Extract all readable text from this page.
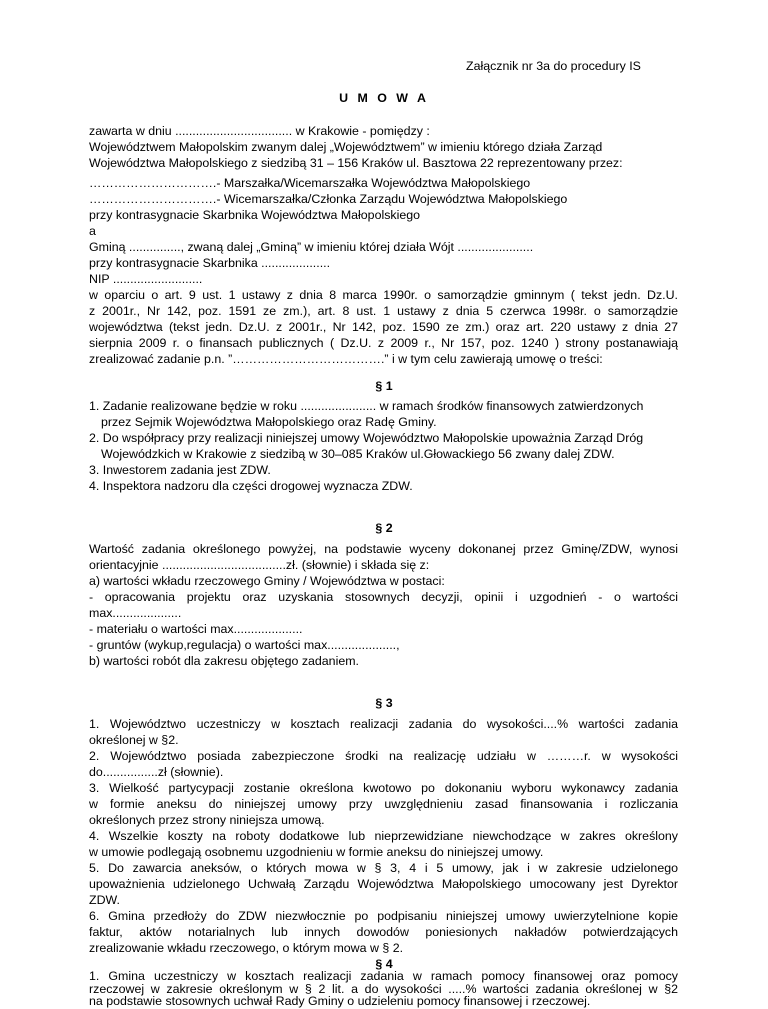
Załącznik nr 3a do procedury IS
U M O W A
zawarta w dniu .................................. w Krakowie - pomiędzy :
Województwem Małopolskim zwanym dalej „Województwem” w imieniu którego działa Zarząd
Województwa Małopolskiego z siedzibą 31 – 156 Kraków ul. Basztowa 22 reprezentowany przez:
………………………….- Marszałka/Wicemarszałka Województwa Małopolskiego
………………………….- Wicemarszałka/Członka Zarządu Województwa Małopolskiego
przy kontrasygnacie Skarbnika Województwa Małopolskiego
a
Gminą ..............., zwaną dalej „Gminą” w imieniu której działa Wójt ......................
przy kontrasygnacie Skarbnika ....................
NIP ..........................
w oparciu o art. 9 ust. 1 ustawy z dnia 8 marca 1990r. o samorządzie gminnym ( tekst jedn. Dz.U.
z 2001r., Nr 142, poz. 1591 ze zm.), art. 8 ust. 1 ustawy z dnia 5 czerwca 1998r. o samorządzie
województwa (tekst jedn. Dz.U. z 2001r., Nr 142, poz. 1590 ze zm.) oraz art. 220 ustawy z dnia 27
sierpnia 2009 r. o finansach publicznych ( Dz.U. z 2009 r., Nr 157, poz. 1240 ) strony postanawiają
zrealizować zadanie p.n. ”……………………………….” i w tym celu zawierają umowę o treści:
§ 1
1. Zadanie realizowane będzie w roku ...................... w ramach środków finansowych zatwierdzonych
przez Sejmik Województwa Małopolskiego oraz Radę Gminy.
2. Do współpracy przy realizacji niniejszej umowy Województwo Małopolskie upoważnia Zarząd Dróg
Wojewódzkich w Krakowie z siedzibą w 30–085 Kraków ul.Głowackiego 56 zwany dalej ZDW.
3. Inwestorem zadania jest ZDW.
4. Inspektora nadzoru dla części drogowej wyznacza ZDW.
§ 2
Wartość zadania określonego powyżej, na podstawie wyceny dokonanej przez Gminę/ZDW, wynosi
orientacyjnie ....................................zł. (słownie) i składa się z:
a) wartości wkładu rzeczowego Gminy / Województwa w postaci:
- opracowania projektu oraz uzyskania stosownych decyzji, opinii i uzgodnień - o wartości
max....................
- materiału o wartości max....................
- gruntów (wykup,regulacja) o wartości max....................,
b) wartości robót dla zakresu objętego zadaniem.
§ 3
1. Województwo uczestniczy w kosztach realizacji zadania do wysokości....% wartości zadania
określonej w §2.
2. Województwo posiada zabezpieczone środki na realizację udziału w ………r. w wysokości
do................zł (słownie).
3. Wielkość partycypacji zostanie określona kwotowo po dokonaniu wyboru wykonawcy zadania
w formie aneksu do niniejszej umowy przy uwzględnieniu zasad finansowania i rozliczania
określonych przez strony niniejsza umową.
4. Wszelkie koszty na roboty dodatkowe lub nieprzewidziane niewchodzące w zakres określony
w umowie podlegają osobnemu uzgodnieniu w formie aneksu do niniejszej umowy.
5. Do zawarcia aneksów, o których mowa w § 3, 4 i 5 umowy, jak i w zakresie udzielonego
upoważnienia udzielonego Uchwałą Zarządu Województwa Małopolskiego umocowany jest Dyrektor
ZDW.
6. Gmina przedłoży do ZDW niezwłocznie po podpisaniu niniejszej umowy uwierzytelnione kopie
faktur, aktów notarialnych lub innych dowodów poniesionych nakładów potwierdzających
zrealizowanie wkładu rzeczowego, o którym mowa w § 2.
§ 4
1. Gmina uczestniczy w kosztach realizacji zadania w ramach pomocy finansowej oraz pomocy
rzeczowej w zakresie określonym w § 2 lit. a do wysokości .....% wartości zadania określonej w §2
na podstawie stosownych uchwał Rady Gminy o udzieleniu pomocy finansowej i rzeczowej.
